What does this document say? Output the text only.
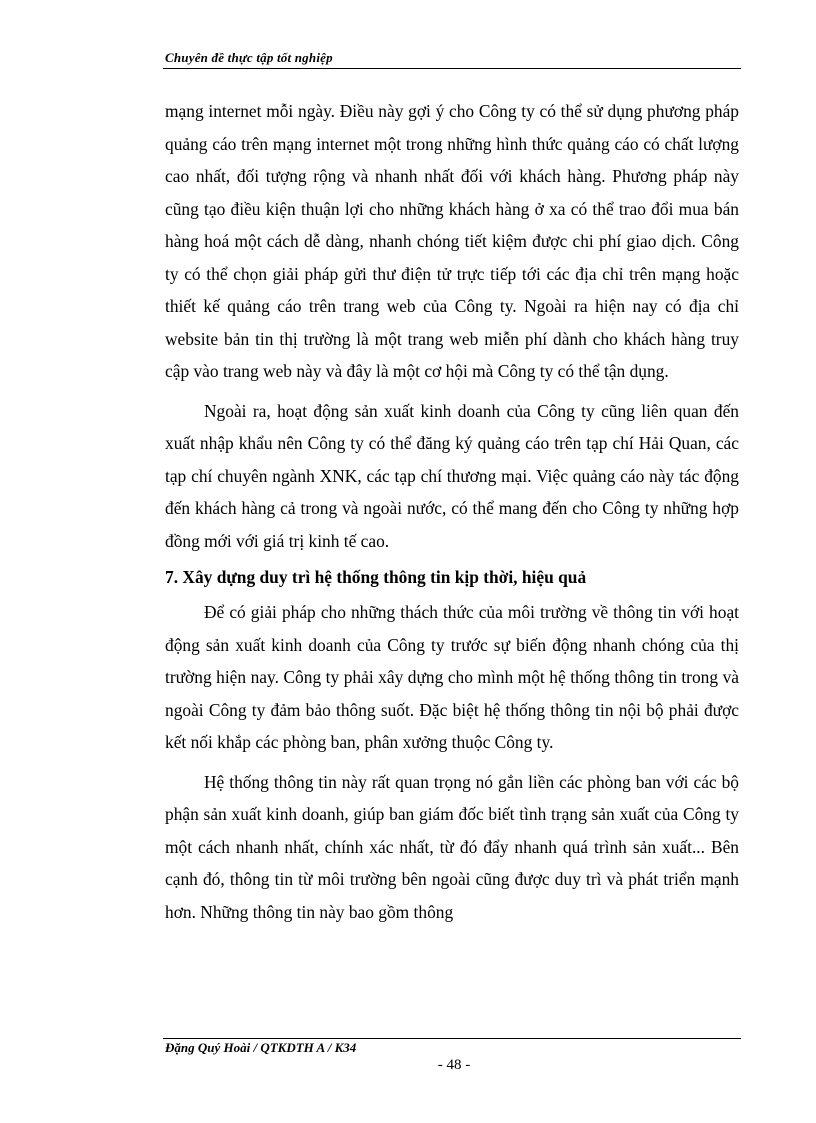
Chuyên đề thực tập tốt nghiệp

mạng internet mỗi ngày. Điều này gợi ý cho Công ty có thể sử dụng phương pháp quảng cáo trên mạng internet một trong những hình thức quảng cáo có chất lượng cao nhất, đối tượng rộng và nhanh nhất đối với khách hàng. Phương pháp này cũng tạo điều kiện thuận lợi cho những khách hàng ở xa có thể trao đổi mua bán hàng hoá một cách dễ dàng, nhanh chóng tiết kiệm được chi phí giao dịch. Công ty có thể chọn giải pháp gửi thư điện tử trực tiếp tới các địa chỉ trên mạng hoặc thiết kế quảng cáo trên trang web của Công ty. Ngoài ra hiện nay có địa chỉ website bản tin thị trường là một trang web miễn phí dành cho khách hàng truy cập vào trang web này và đây là một cơ hội mà Công ty có thể tận dụng.

Ngoài ra, hoạt động sản xuất kinh doanh của Công ty cũng liên quan đến xuất nhập khẩu nên Công ty có thể đăng ký quảng cáo trên tạp chí Hải Quan, các tạp chí chuyên ngành XNK, các tạp chí thương mại. Việc quảng cáo này tác động đến khách hàng cả trong và ngoài nước, có thể mang đến cho Công ty những hợp đồng mới với giá trị kinh tế cao.

7. Xây dựng duy trì hệ thống thông tin kịp thời, hiệu quả

Để có giải pháp cho những thách thức của môi trường về thông tin với hoạt động sản xuất kinh doanh của Công ty trước sự biến động nhanh chóng của thị trường hiện nay. Công ty phải xây dựng cho mình một hệ thống thông tin trong và ngoài Công ty đảm bảo thông suốt. Đặc biệt hệ thống thông tin nội bộ phải được kết nối khắp các phòng ban, phân xưởng thuộc Công ty.

Hệ thống thông tin này rất quan trọng nó gắn liền các phòng ban với các bộ phận sản xuất kinh doanh, giúp ban giám đốc biết tình trạng sản xuất của Công ty một cách nhanh nhất, chính xác nhất, từ đó đẩy nhanh quá trình sản xuất... Bên cạnh đó, thông tin từ môi trường bên ngoài cũng được duy trì và phát triển mạnh hơn. Những thông tin này bao gồm thông

Đặng Quý Hoài / QTKDTH A / K34
- 48 -
